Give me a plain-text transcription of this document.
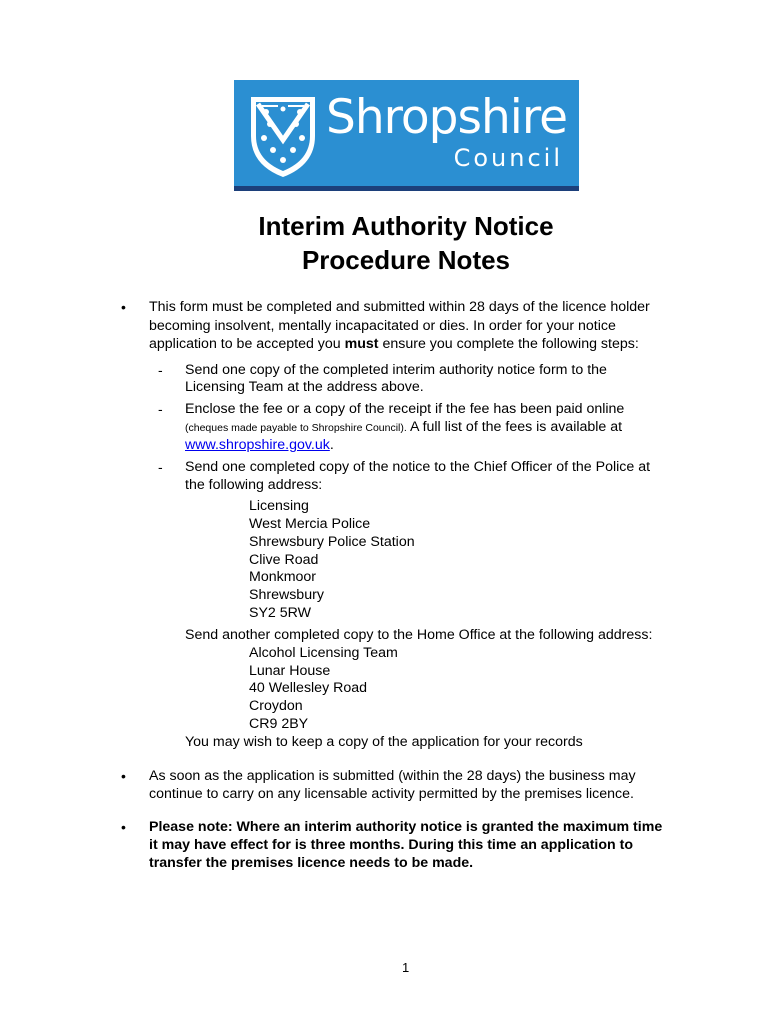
Shropshire
Council
Interim Authority Notice
Procedure Notes
• This form must be completed and submitted within 28 days of the licence holder
becoming insolvent, mentally incapacitated or dies. In order for your notice
application to be accepted you must ensure you complete the following steps:
- Send one copy of the completed interim authority notice form to the
Licensing Team at the address above.
- Enclose the fee or a copy of the receipt if the fee has been paid online
(cheques made payable to Shropshire Council). A full list of the fees is available at
www.shropshire.gov.uk.
- Send one completed copy of the notice to the Chief Officer of the Police at
the following address:
Licensing
West Mercia Police
Shrewsbury Police Station
Clive Road
Monkmoor
Shrewsbury
SY2 5RW
Send another completed copy to the Home Office at the following address:
Alcohol Licensing Team
Lunar House
40 Wellesley Road
Croydon
CR9 2BY
You may wish to keep a copy of the application for your records
• As soon as the application is submitted (within the 28 days) the business may
continue to carry on any licensable activity permitted by the premises licence.
• Please note: Where an interim authority notice is granted the maximum time
it may have effect for is three months. During this time an application to
transfer the premises licence needs to be made.
1
